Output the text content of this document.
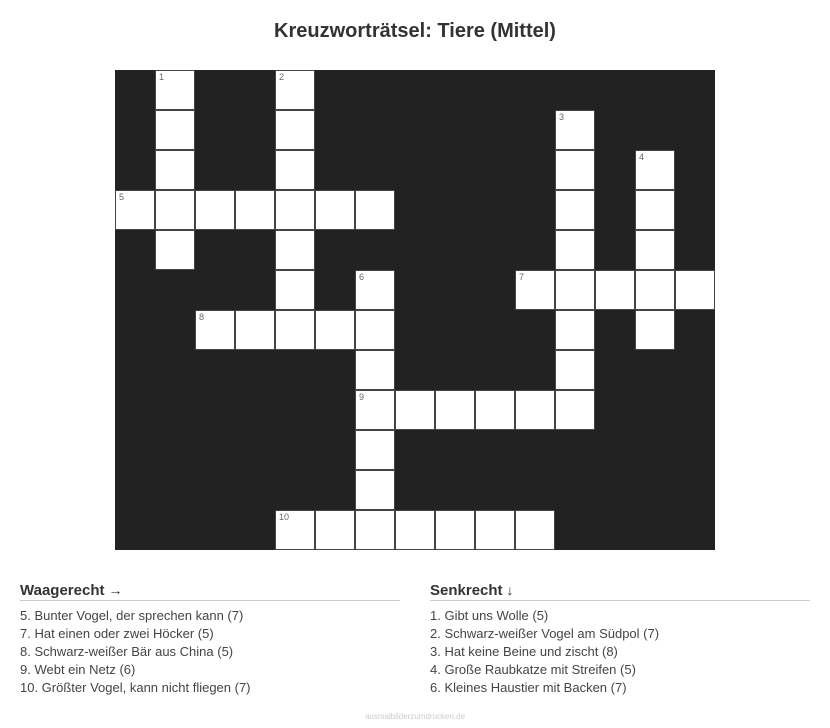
Kreuzworträtsel: Tiere (Mittel)
1	2
3
4
5
6	7
8
9
10
Waagerecht →
5. Bunter Vogel, der sprechen kann (7)
7. Hat einen oder zwei Höcker (5)
8. Schwarz-weißer Bär aus China (5)
9. Webt ein Netz (6)
10. Größter Vogel, kann nicht fliegen (7)
Senkrecht ↓
1. Gibt uns Wolle (5)
2. Schwarz-weißer Vogel am Südpol (7)
3. Hat keine Beine und zischt (8)
4. Große Raubkatze mit Streifen (5)
6. Kleines Haustier mit Backen (7)
ausmalbilderzumdrucken.de
